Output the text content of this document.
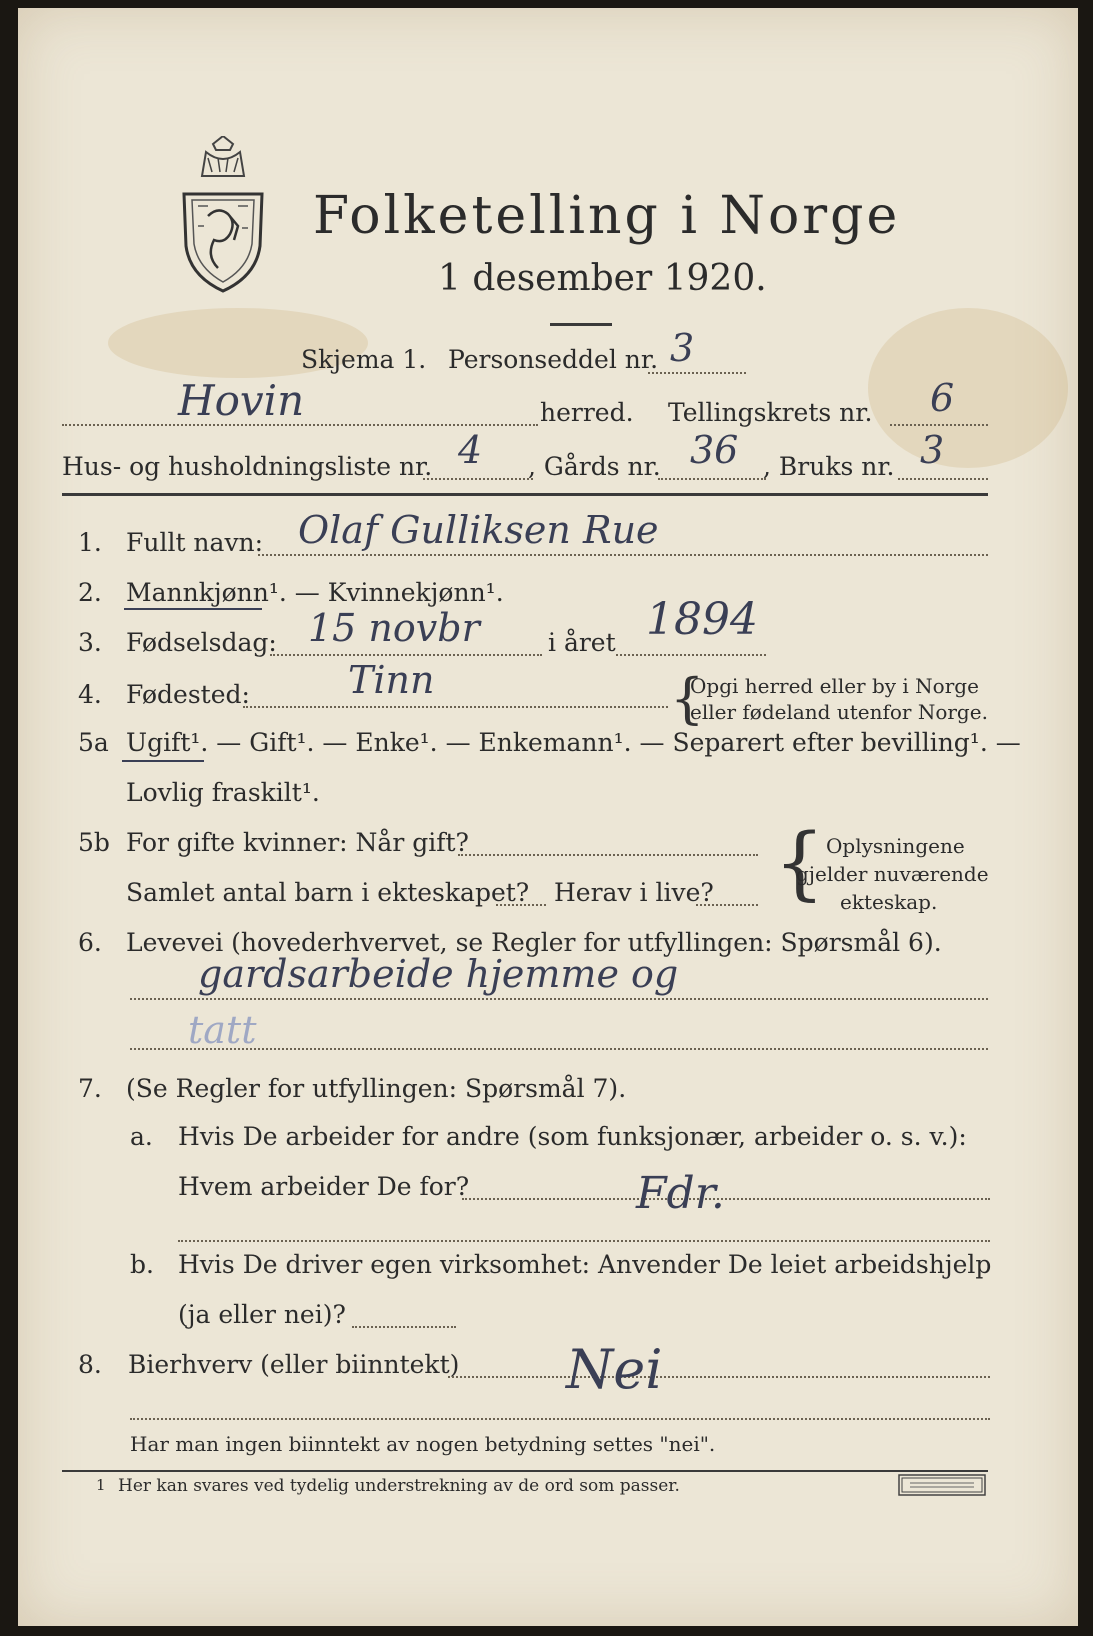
Folketelling i Norge
1 desember 1920.
Skjema 1. Personseddel nr. 3
Hovin	herred. Tellingskrets nr. 6
Hus- og husholdningsliste nr. 4 , Gårds nr. 36 , Bruks nr. 3
1. Fullt navn: Olaf Gulliksen Rue
2. Mannkjønn¹. — Kvinnekjønn¹.
3. Fødselsdag: 15 novbr	i året 1894
4. Fødested:	Tinn	{
Opgi herred eller by i Norge
eller fødeland utenfor Norge.
5a Ugift¹. — Gift¹. — Enke¹. — Enkemann¹. — Separert efter bevilling¹. —
Lovlig fraskilt¹.
5b For gifte kvinner: Når gift?
Samlet antal barn i ekteskapet? Herav i live? { Oplysningene
gjelder nuværende
ekteskap.
6. Levevei (hovederhvervet, se Regler for utfyllingen: Spørsmål 6).
gardsarbeide hjemme og
tatt
7. (Se Regler for utfyllingen: Spørsmål 7).
a. Hvis De arbeider for andre (som funksjonær, arbeider o. s. v.):
Hvem arbeider De for?	Fdr.
b. Hvis De driver egen virksomhet: Anvender De leiet arbeidshjelp
(ja eller nei)?
8. Bierhverv (eller biinntekt) Nei
Har man ingen biinntekt av nogen betydning settes "nei".
1 Her kan svares ved tydelig understrekning av de ord som passer.
